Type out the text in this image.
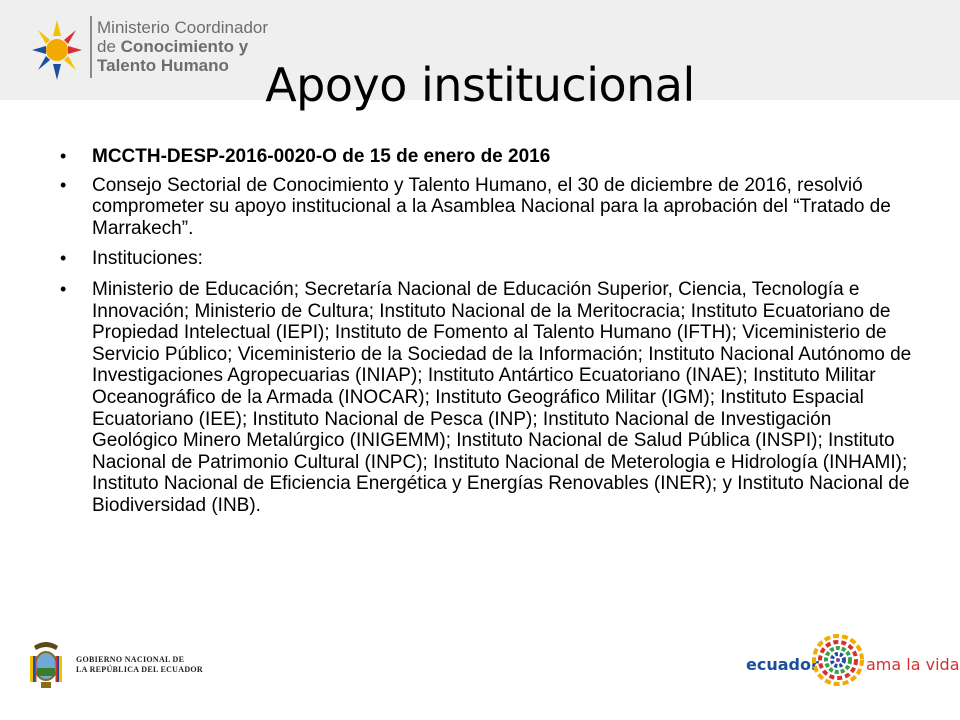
Ministerio Coordinador
de Conocimiento y
Talento Humano Apoyo institucional
• MCCTH-DESP-2016-0020-O de 15 de enero de 2016
• Consejo Sectorial de Conocimiento y Talento Humano, el 30 de diciembre de 2016, resolvió comprometer su apoyo institucional a la Asamblea Nacional para la aprobación del “Tratado de Marrakech”.
• Instituciones:
• Ministerio de Educación; Secretaría Nacional de Educación Superior, Ciencia, Tecnología e Innovación; Ministerio de Cultura; Instituto Nacional de la Meritocracia; Instituto Ecuatoriano de Propiedad Intelectual (IEPI); Instituto de Fomento al Talento Humano (IFTH); Viceministerio de Servicio Público; Viceministerio de la Sociedad de la Información; Instituto Nacional Autónomo de Investigaciones Agropecuarias (INIAP); Instituto Antártico Ecuatoriano (INAE); Instituto Militar Oceanográfico de la Armada (INOCAR); Instituto Geográfico Militar (IGM); Instituto Espacial Ecuatoriano (IEE); Instituto Nacional de Pesca (INP); Instituto Nacional de Investigación Geológico Minero Metalúrgico (INIGEMM); Instituto Nacional de Salud Pública (INSPI); Instituto Nacional de Patrimonio Cultural (INPC); Instituto Nacional de Meterologia e Hidrología (INHAMI); Instituto Nacional de Eficiencia Energética y Energías Renovables (INER); y Instituto Nacional de Biodiversidad (INB).
GOBIERNO NACIONAL DE
LA REPÚBLICA DEL ECUADOR	ecuador	ama la vida
